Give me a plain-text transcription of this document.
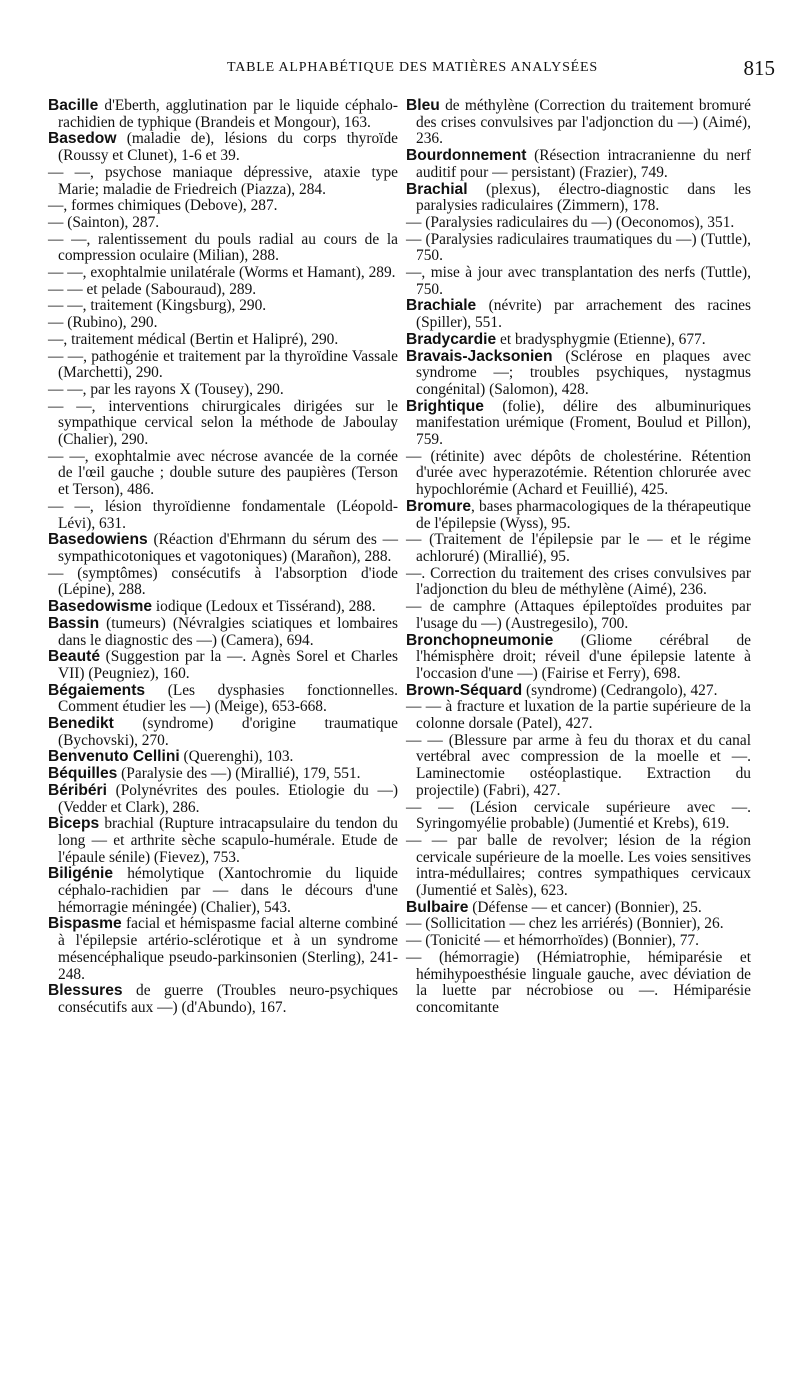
TABLE ALPHABÉTIQUE DES MATIÈRES ANALYSÉES	815
Bacille d'Eberth, agglutination par le liquide céphalo-rachidien de typhique (Brandeis et Mongour), 163.
Basedow (maladie de), lésions du corps thyroïde (Roussy et Clunet), 1-6 et 39.
— —, psychose maniaque dépressive, ataxie type Marie; maladie de Friedreich (Piazza), 284.
—, formes chimiques (Debove), 287.
— (Sainton), 287.
— —, ralentissement du pouls radial au cours de la compression oculaire (Milian), 288.
— —, exophtalmie unilatérale (Worms et Hamant), 289.
— — et pelade (Sabouraud), 289.
— —, traitement (Kingsburg), 290.
— (Rubino), 290.
—, traitement médical (Bertin et Halipré), 290.
— —, pathogénie et traitement par la thyroïdine Vassale (Marchetti), 290.
— —, par les rayons X (Tousey), 290.
— —, interventions chirurgicales dirigées sur le sympathique cervical selon la méthode de Jaboulay (Chalier), 290.
— —, exophtalmie avec nécrose avancée de la cornée de l'œil gauche ; double suture des paupières (Terson et Terson), 486.
— —, lésion thyroïdienne fondamentale (Léopold-Lévi), 631.
Basedowiens (Réaction d'Ehrmann du sérum des — sympathicotoniques et vagotoniques) (Marañon), 288.
— (symptômes) consécutifs à l'absorption d'iode (Lépine), 288.
Basedowisme iodique (Ledoux et Tissérand), 288.
Bassin (tumeurs) (Névralgies sciatiques et lombaires dans le diagnostic des —) (Camera), 694.
Beauté (Suggestion par la —. Agnès Sorel et Charles VII) (Peugniez), 160.
Bégaiements (Les dysphasies fonctionnelles. Comment étudier les —) (Meige), 653-668.
Benedikt (syndrome) d'origine traumatique (Bychovski), 270.
Benvenuto Cellini (Querenghi), 103.
Béquilles (Paralysie des —) (Mirallié), 179, 551.
Béribéri (Polynévrites des poules. Etiologie du —) (Vedder et Clark), 286.
Biceps brachial (Rupture intracapsulaire du tendon du long — et arthrite sèche scapulo-humérale. Etude de l'épaule sénile) (Fievez), 753.
Biligénie hémolytique (Xantochromie du liquide céphalo-rachidien par — dans le décours d'une hémorragie méningée) (Chalier), 543.
Bispasme facial et hémispasme facial alterne combiné à l'épilepsie artério-sclérotique et à un syndrome mésencéphalique pseudo-parkinsonien (Sterling), 241-248.
Blessures de guerre (Troubles neuro-psychiques consécutifs aux —) (d'Abundo), 167.
Bleu de méthylène (Correction du traitement bromuré des crises convulsives par l'adjonction du —) (Aimé), 236.
Bourdonnement (Résection intracranienne du nerf auditif pour — persistant) (Frazier), 749.
Brachial (plexus), électro-diagnostic dans les paralysies radiculaires (Zimmern), 178.
— (Paralysies radiculaires du —) (Oeconomos), 351.
— (Paralysies radiculaires traumatiques du —) (Tuttle), 750.
—, mise à jour avec transplantation des nerfs (Tuttle), 750.
Brachiale (névrite) par arrachement des racines (Spiller), 551.
Bradycardie et bradysphygmie (Etienne), 677.
Bravais-Jacksonien (Sclérose en plaques avec syndrome —; troubles psychiques, nystagmus congénital) (Salomon), 428.
Brightique (folie), délire des albuminuriques manifestation urémique (Froment, Boulud et Pillon), 759.
— (rétinite) avec dépôts de cholestérine. Rétention d'urée avec hyperazotémie. Rétention chlorurée avec hypochlorémie (Achard et Feuillié), 425.
Bromure, bases pharmacologiques de la thérapeutique de l'épilepsie (Wyss), 95.
— (Traitement de l'épilepsie par le — et le régime achloruré) (Mirallié), 95.
—. Correction du traitement des crises convulsives par l'adjonction du bleu de méthylène (Aimé), 236.
— de camphre (Attaques épileptoïdes produites par l'usage du —) (Austregesilo), 700.
Bronchopneumonie (Gliome cérébral de l'hémisphère droit; réveil d'une épilepsie latente à l'occasion d'une —) (Fairise et Ferry), 698.
Brown-Séquard (syndrome) (Cedrangolo), 427.
— — à fracture et luxation de la partie supérieure de la colonne dorsale (Patel), 427.
— — (Blessure par arme à feu du thorax et du canal vertébral avec compression de la moelle et —. Laminectomie ostéoplastique. Extraction du projectile) (Fabri), 427.
— — (Lésion cervicale supérieure avec —. Syringomyélie probable) (Jumentié et Krebs), 619.
— — par balle de revolver; lésion de la région cervicale supérieure de la moelle. Les voies sensitives intra-médullaires; contres sympathiques cervicaux (Jumentié et Salès), 623.
Bulbaire (Défense — et cancer) (Bonnier), 25.
— (Sollicitation — chez les arriérés) (Bonnier), 26.
— (Tonicité — et hémorrhoïdes) (Bonnier), 77.
— (hémorragie) (Hémiatrophie, hémiparésie et hémihypoesthésie linguale gauche, avec déviation de la luette par nécrobiose ou —. Hémiparésie concomitante
